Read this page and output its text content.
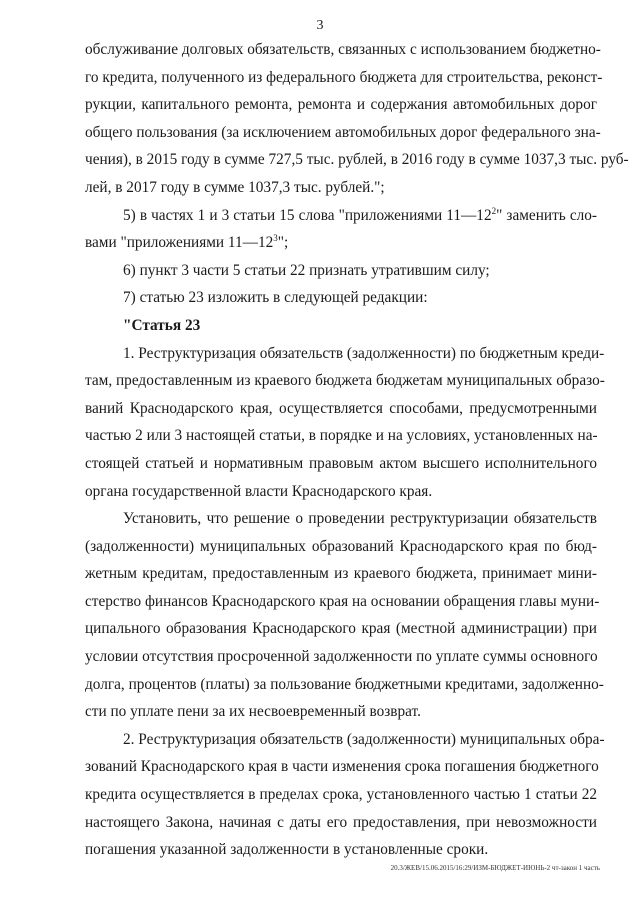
3
обслуживание долговых обязательств, связанных с использованием бюджетно-
го кредита, полученного из федерального бюджета для строительства, реконст-
рукции, капитального ремонта, ремонта и содержания автомобильных дорог
общего пользования (за исключением автомобильных дорог федерального зна-
чения), в 2015 году в сумме 727,5 тыс. рублей, в 2016 году в сумме 1037,3 тыс. руб-
лей, в 2017 году в сумме 1037,3 тыс. рублей.";
5) в частях 1 и 3 статьи 15 слова "приложениями $11—12^2$" заменить сло-
вами "приложениями $11—12^3$";
6) пункт 3 части 5 статьи 22 признать утратившим силу;
7) статью 23 изложить в следующей редакции:
"Статья 23
1. Реструктуризация обязательств (задолженности) по бюджетным креди-
там, предоставленным из краевого бюджета бюджетам муниципальных образо-
ваний Краснодарского края, осуществляется способами, предусмотренными
частью 2 или 3 настоящей статьи, в порядке и на условиях, установленных на-
стоящей статьей и нормативным правовым актом высшего исполнительного
органа государственной власти Краснодарского края.
Установить, что решение о проведении реструктуризации обязательств
(задолженности) муниципальных образований Краснодарского края по бюд-
жетным кредитам, предоставленным из краевого бюджета, принимает мини-
стерство финансов Краснодарского края на основании обращения главы муни-
ципального образования Краснодарского края (местной администрации) при
условии отсутствия просроченной задолженности по уплате суммы основного
долга, процентов (платы) за пользование бюджетными кредитами, задолженно-
сти по уплате пени за их несвоевременный возврат.
2. Реструктуризация обязательств (задолженности) муниципальных обра-
зований Краснодарского края в части изменения срока погашения бюджетного
кредита осуществляется в пределах срока, установленного частью 1 статьи 22
настоящего Закона, начиная с даты его предоставления, при невозможности
погашения указанной задолженности в установленные сроки.
20.3/ЖЕВ/15.06.2015/16:29/ИЗМ-БЮДЖЕТ-ИЮНЬ-2 чт-закон 1 часть
